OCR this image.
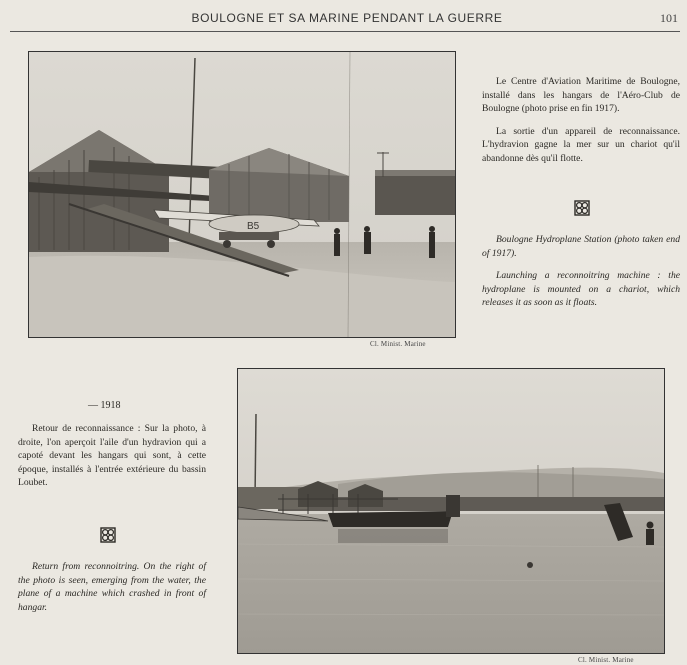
BOULOGNE ET SA MARINE PENDANT LA GUERRE	101
B5
Cl. Minist. Marine

Le Centre d'Aviation Maritime de Boulogne, installé dans les hangars de l'Aéro-Club de Boulogne (photo prise en fin 1917).

La sortie d'un appareil de reconnaissance. L'hydravion gagne la mer sur un chariot qu'il abandonne dès qu'il flotte.

Boulogne Hydroplane Station (photo taken end of 1917).

Launching a reconnoitring machine : the hydroplane is mounted on a chariot, which releases it as soon as it floats.

— 1918

Retour de reconnaissance : Sur la photo, à droite, l'on aperçoit l'aile d'un hydravion qui a capoté devant les hangars qui sont, à cette époque, installés à l'entrée extérieure du bassin Loubet.

Return from reconnoitring. On the right of the photo is seen, emerging from the water, the plane of a machine which crashed in front of hangar.

Cl. Minist. Marine
